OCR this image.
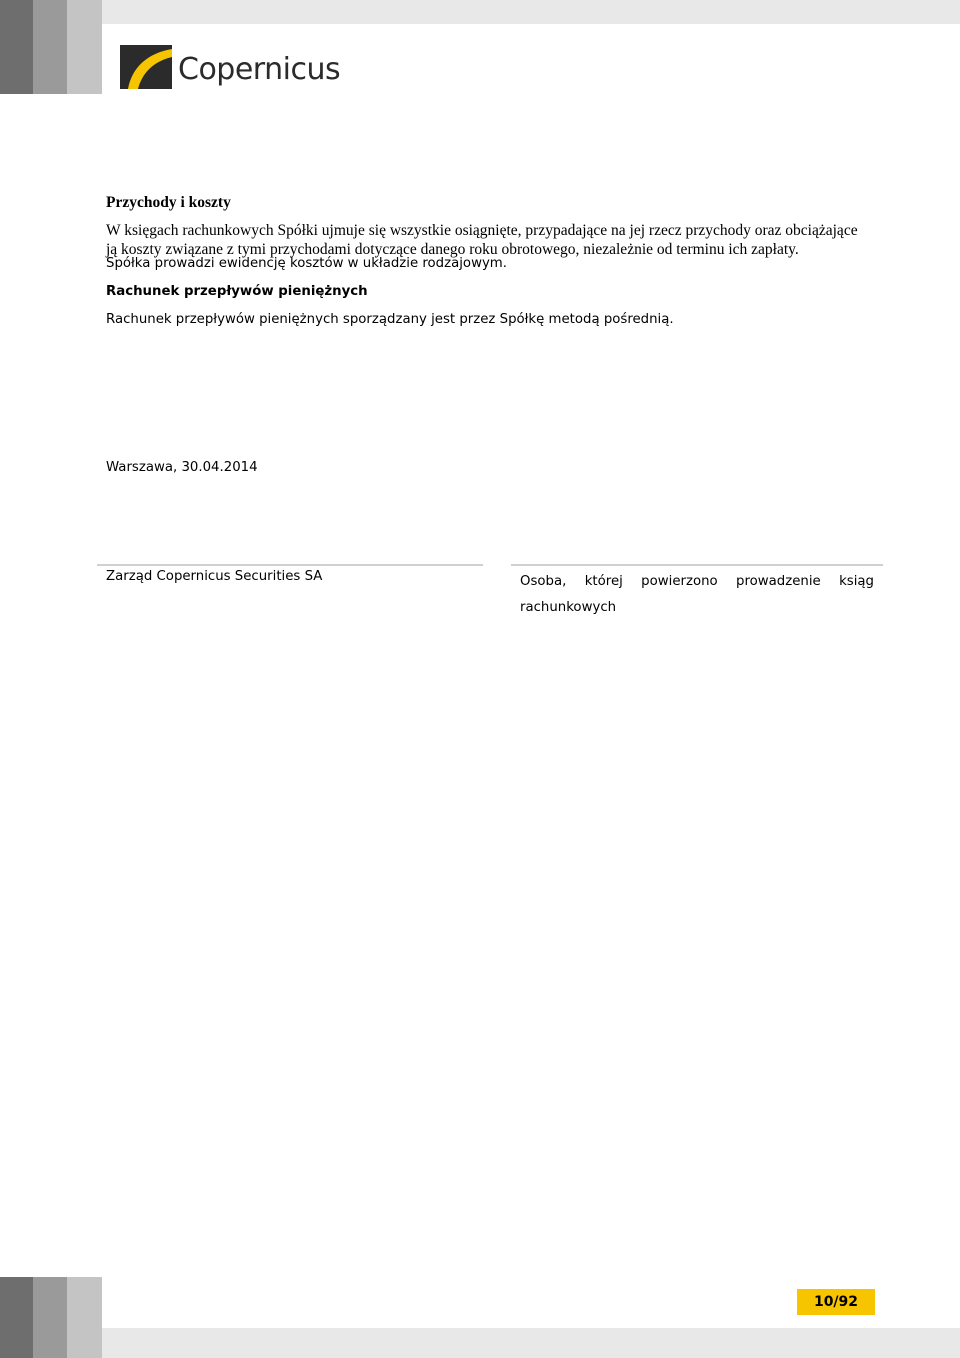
Copernicus
Przychody i koszty
W księgach rachunkowych Spółki ujmuje się wszystkie osiągnięte, przypadające na jej rzecz przychody oraz obciążające
ją koszty związane z tymi przychodami dotyczące danego roku obrotowego, niezależnie od terminu ich zapłaty.
Spółka prowadzi ewidencję kosztów w układzie rodzajowym.
Rachunek przepływów pieniężnych
Rachunek przepływów pieniężnych sporządzany jest przez Spółkę metodą pośrednią.
Warszawa, 30.04.2014
Zarząd Copernicus Securities SA	Osoba, której powierzono prowadzenie ksiąg rachunkowych
10/92
